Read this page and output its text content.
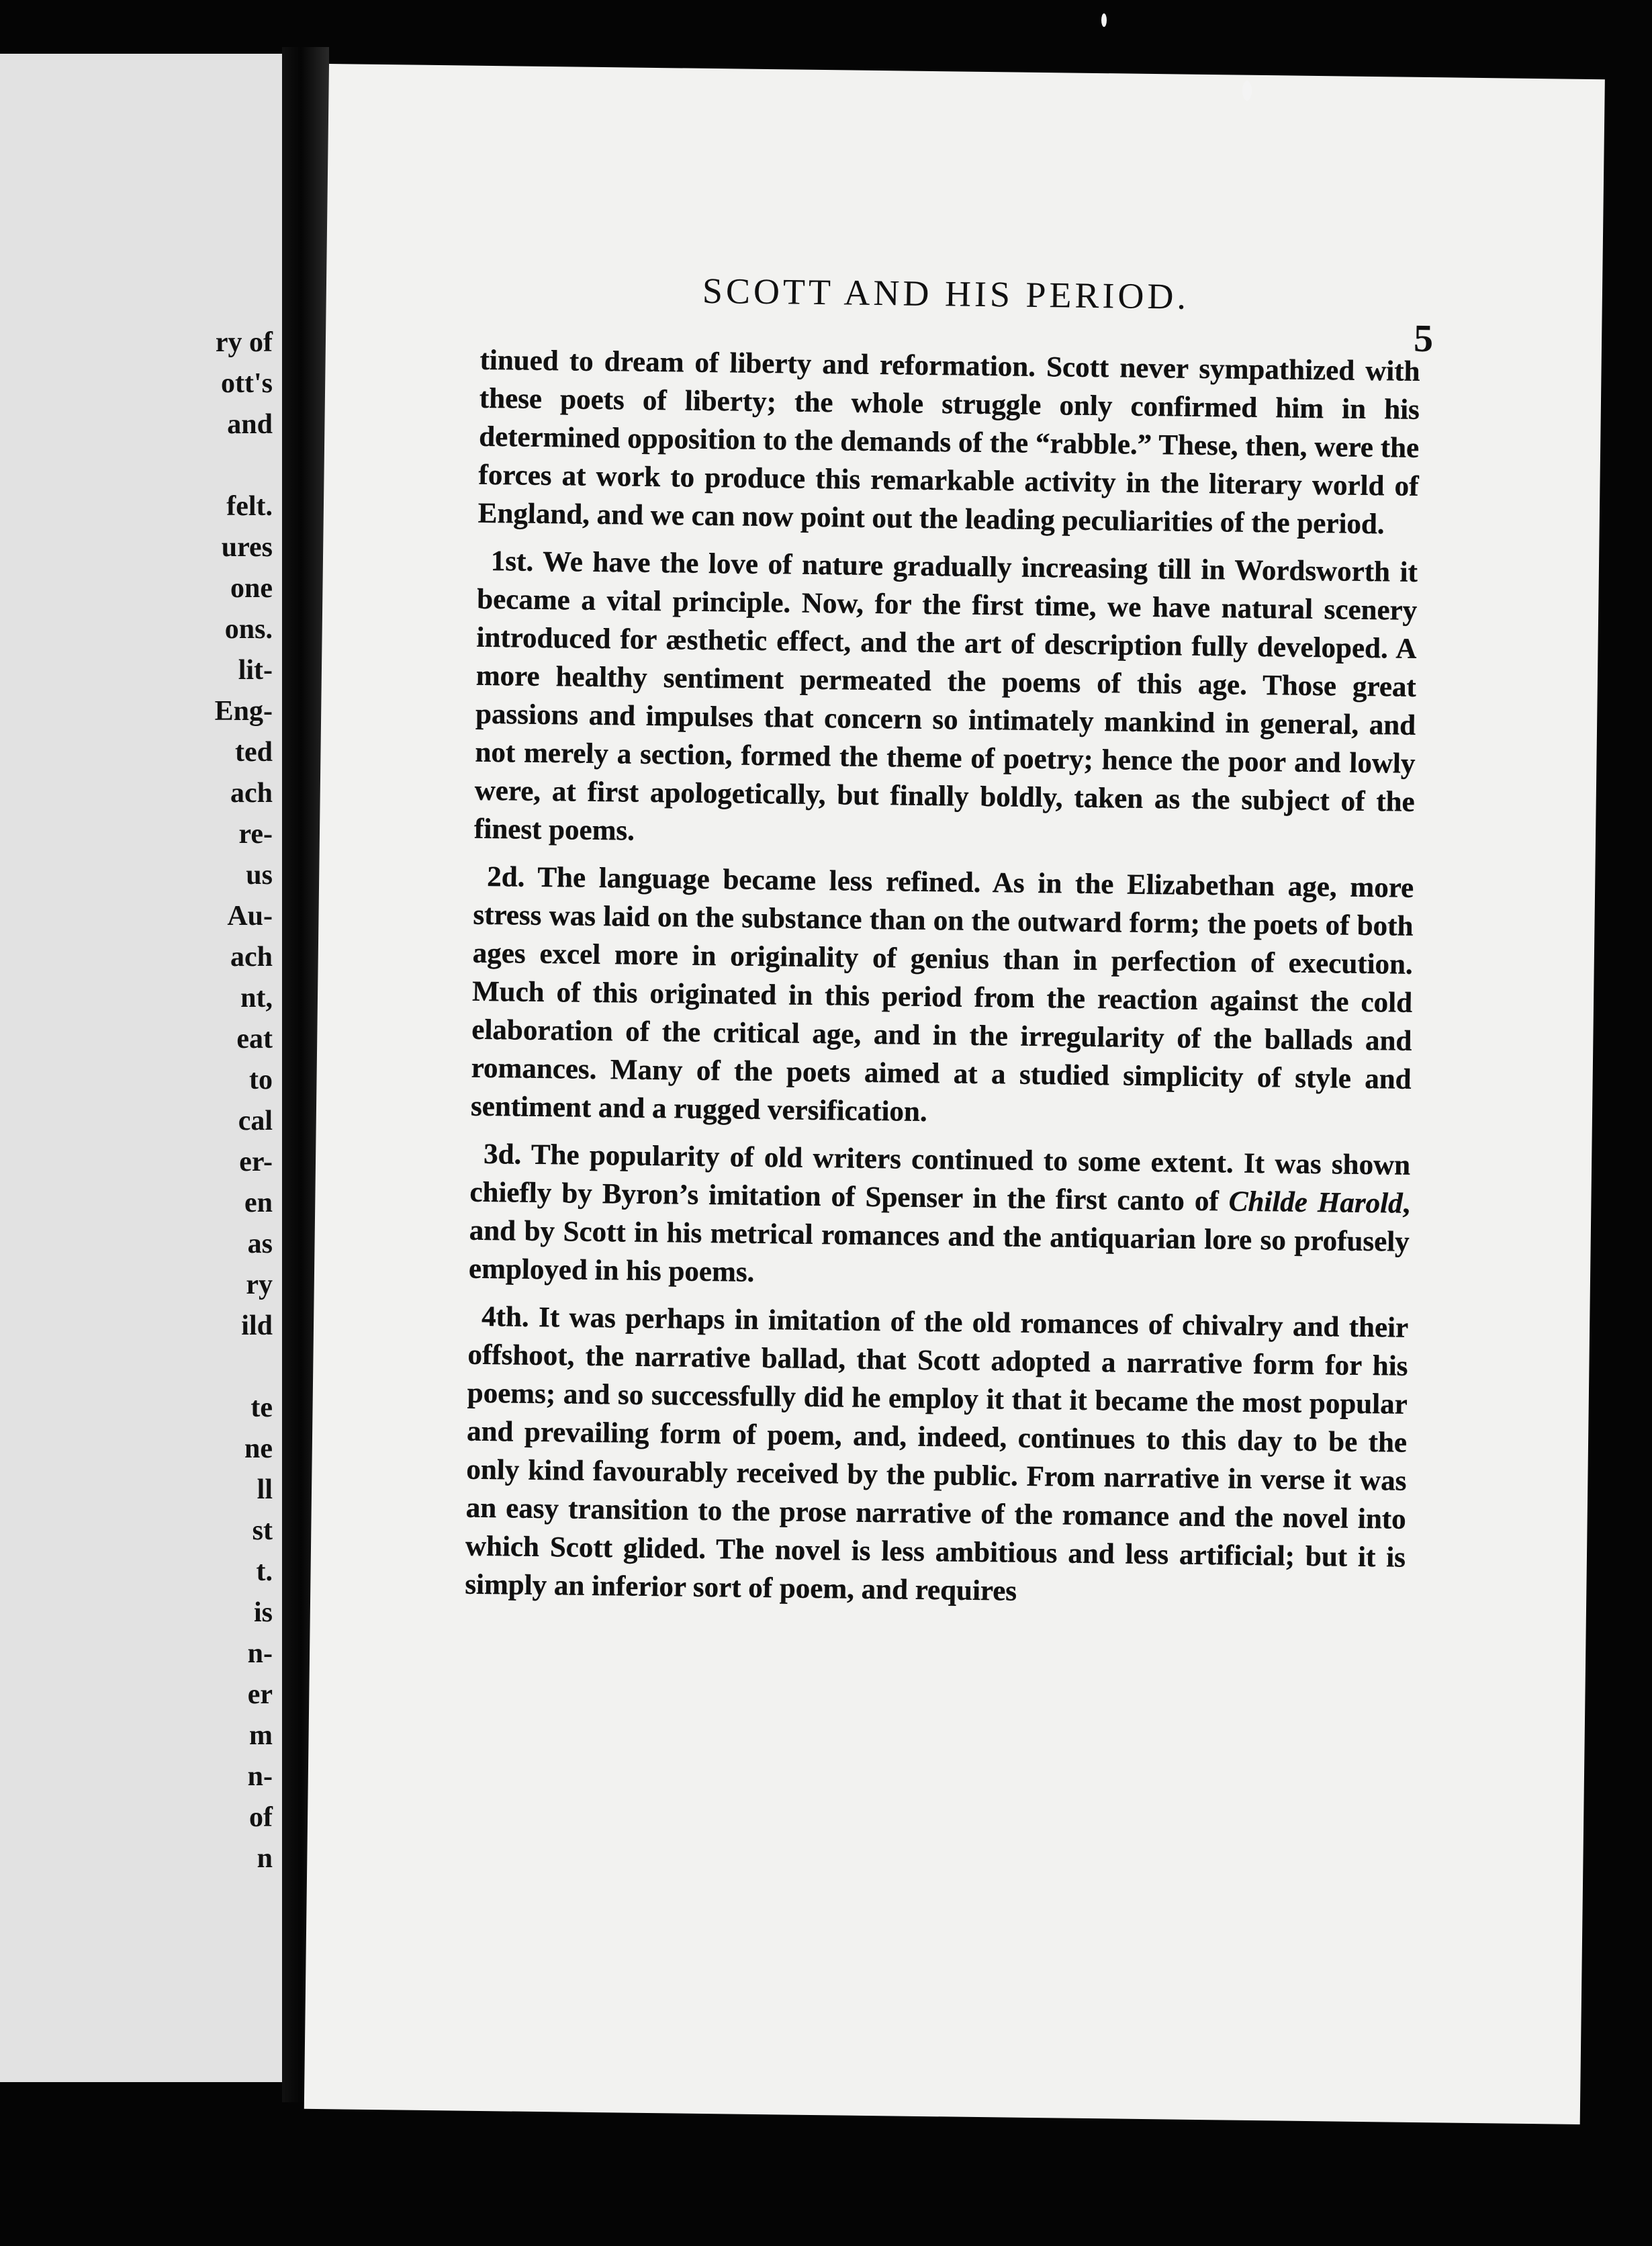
ry of
ott's
and

felt.
ures
one
ons.
lit-
Eng-
ted
ach
re-
us
Au-
ach
nt,
eat
to
cal
er-
en
as
ry
ild

te
ne
ll
st
t.
is
n-
er
m
n-
of
n
SCOTT AND HIS PERIOD.
5

tinued to dream of liberty and reformation. Scott never sympathized with these poets of liberty; the whole struggle only confirmed him in his determined opposition to the demands of the “rabble.” These, then, were the forces at work to produce this remarkable activity in the literary world of England, and we can now point out the leading peculiarities of the period.

1st. We have the love of nature gradually increasing till in Wordsworth it became a vital principle. Now, for the first time, we have natural scenery introduced for æsthetic effect, and the art of description fully developed. A more healthy sentiment permeated the poems of this age. Those great passions and impulses that concern so intimately mankind in general, and not merely a section, formed the theme of poetry; hence the poor and lowly were, at first apologetically, but finally boldly, taken as the subject of the finest poems.

2d. The language became less refined. As in the Elizabethan age, more stress was laid on the substance than on the outward form; the poets of both ages excel more in originality of genius than in perfection of execution. Much of this originated in this period from the reaction against the cold elaboration of the critical age, and in the irregularity of the ballads and romances. Many of the poets aimed at a studied simplicity of style and sentiment and a rugged versification.

3d. The popularity of old writers continued to some extent. It was shown chiefly by Byron’s imitation of Spenser in the first canto of Childe Harold, and by Scott in his metrical romances and the antiquarian lore so profusely employed in his poems.

4th. It was perhaps in imitation of the old romances of chivalry and their offshoot, the narrative ballad, that Scott adopted a narrative form for his poems; and so successfully did he employ it that it became the most popular and prevailing form of poem, and, indeed, continues to this day to be the only kind favourably received by the public. From narrative in verse it was an easy transition to the prose narrative of the romance and the novel into which Scott glided. The novel is less ambitious and less artificial; but it is simply an inferior sort of poem, and requires
